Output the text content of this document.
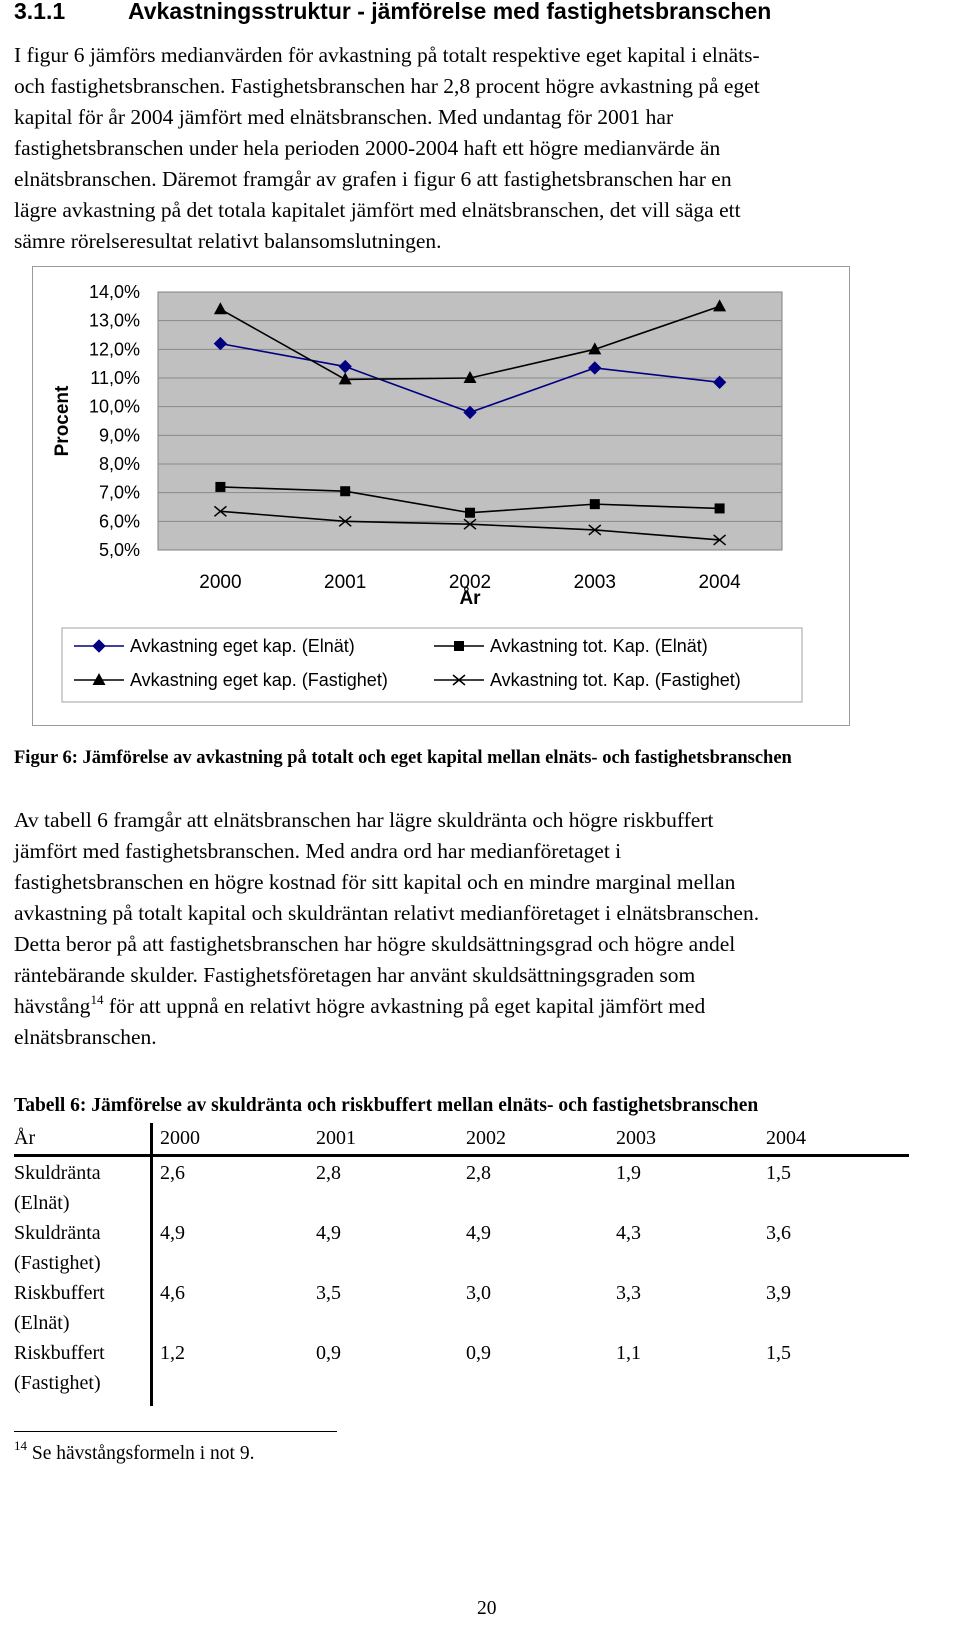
3.1.1	Avkastningsstruktur - jämförelse med fastighetsbranschen
I figur 6 jämförs medianvärden för avkastning på totalt respektive eget kapital i elnäts-
och fastighetsbranschen. Fastighetsbranschen har 2,8 procent högre avkastning på eget
kapital för år 2004 jämfört med elnätsbranschen. Med undantag för 2001 har
fastighetsbranschen under hela perioden 2000-2004 haft ett högre medianvärde än
elnätsbranschen. Däremot framgår av grafen i figur 6 att fastighetsbranschen har en
lägre avkastning på det totala kapitalet jämfört med elnätsbranschen, det vill säga ett
sämre rörelseresultat relativt balansomslutningen.
14,0%
13,0%
12,0%
11,0%
10,0%
9,0%
8,0%
7,0%
6,0%
5,0%
2000	2001	2002	2003	2004
Procent
År
Avkastning eget kap. (Elnät)	Avkastning tot. Kap. (Elnät)
Avkastning eget kap. (Fastighet)	Avkastning tot. Kap. (Fastighet)
Figur 6: Jämförelse av avkastning på totalt och eget kapital mellan elnäts- och fastighetsbranschen
Av tabell 6 framgår att elnätsbranschen har lägre skuldränta och högre riskbuffert
jämfört med fastighetsbranschen. Med andra ord har medianföretaget i
fastighetsbranschen en högre kostnad för sitt kapital och en mindre marginal mellan
avkastning på totalt kapital och skuldräntan relativt medianföretaget i elnätsbranschen.
Detta beror på att fastighetsbranschen har högre skuldsättningsgrad och högre andel
räntebärande skulder. Fastighetsföretagen har använt skuldsättningsgraden som
hävstång$^{14}$ för att uppnå en relativt högre avkastning på eget kapital jämfört med
elnätsbranschen.
Tabell 6: Jämförelse av skuldränta och riskbuffert mellan elnäts- och fastighetsbranschen
År	2000	2001	2002	2003	2004
Skuldränta	2,6	2,8	2,8	1,9	1,5
(Elnät)
Skuldränta	4,9	4,9	4,9	4,3	3,6
(Fastighet)
Riskbuffert	4,6	3,5	3,0	3,3	3,9
(Elnät)
Riskbuffert	1,2	0,9	0,9	1,1	1,5
(Fastighet)
$^{14}$ Se hävstångsformeln i not 9.
20
